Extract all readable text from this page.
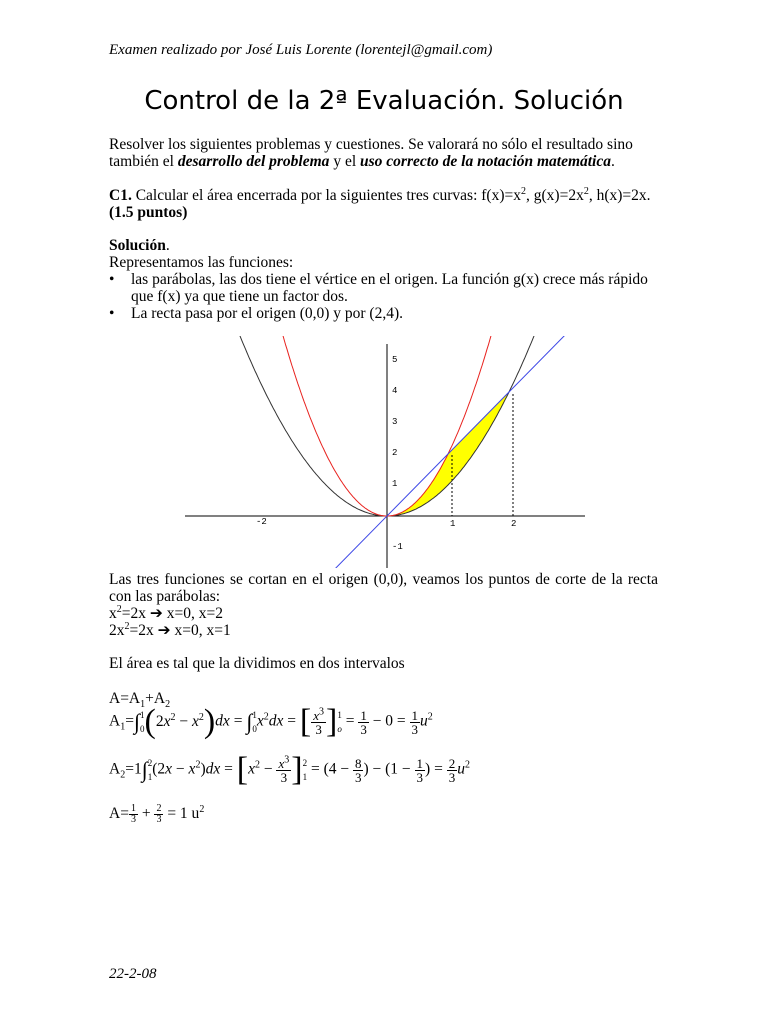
Examen realizado por José Luis Lorente (lorentejl@gmail.com)
Control de la 2ª Evaluación. Solución
Resolver los siguientes problemas y cuestiones. Se valorará no sólo el resultado sino también el desarrollo del problema y el uso correcto de la notación matemática.
C1. Calcular el área encerrada por la siguientes tres curvas: $f(x)=x^2$, $g(x)=2x^2$, h(x)=2x.
(1.5 puntos)
Solución.
Representamos las funciones:
• las parábolas, las dos tiene el vértice en el origen. La función g(x) crece más rápido que f(x) ya que tiene un factor dos.
• La recta pasa por el origen (0,0) y por (2,4).
-2	1	2
5
4
3
2
1
-1
Las tres funciones se cortan en el origen (0,0), veamos los puntos de corte de la recta con las parábolas:
$x^2=2x$ ➔ x=0, x=2
$2x^2=2x$ ➔ x=0, x=1
El área es tal que la dividimos en dos intervalos
$A=A_1+A_2$
$A_1=\int$ 1
0 $(2x^2 - x^2)dx$ = ∫ 1
0 $x^2dx$ = [ $\frac{x^3}{3}$ ] 1
$o = \frac{1}{3} - 0 = \frac{1}{3} u^2$
$A_2=1\int$ 2
1 $(2x - x^2)dx = [x^2 - \frac{x^3}{3}$ ] 2
$1 = (4 - \frac{8}{3}$ ) − ($1 - \frac{1}{3}$ ) = $\frac{2}{3} u^2$
$A= \frac{1}{3} + \frac{2}{3} = 1$ $u^2$
22-2-08
